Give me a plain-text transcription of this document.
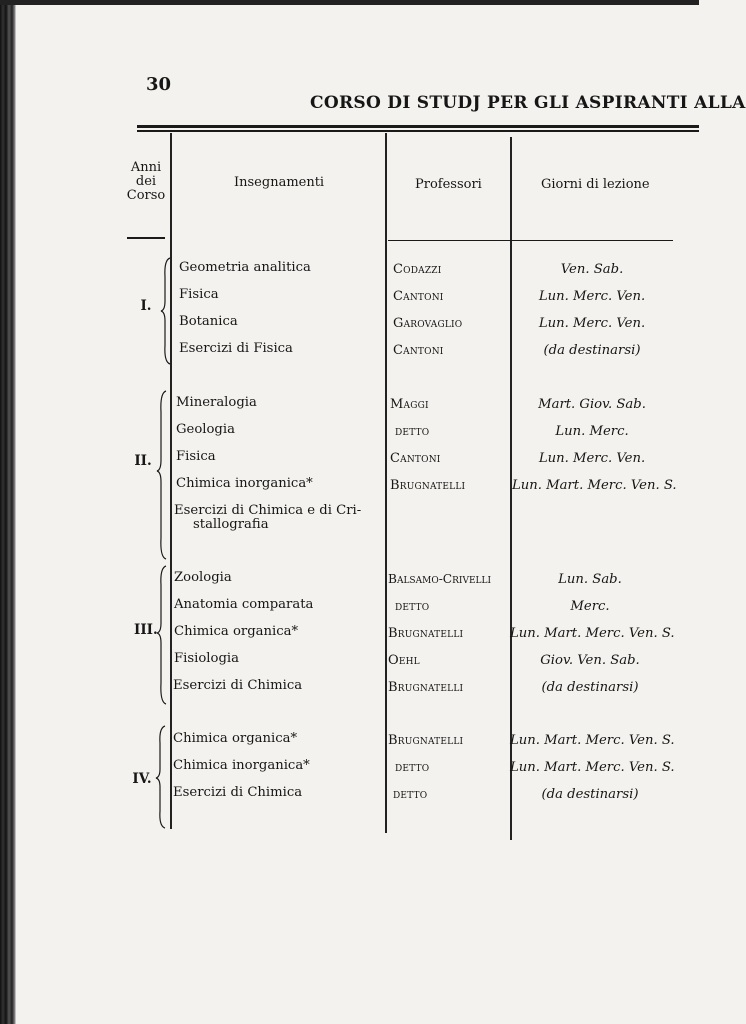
30
CORSO DI STUDJ PER GLI ASPIRANTI ALLA
Anni
dei
Corso
Insegnamenti	Professori	Giorni di lezione
I.
Geometria analitica
Fisica
Botanica
Esercizi di Fisica
Codazzi
Cantoni
Garovaglio
Cantoni
Ven. Sab.
Lun. Merc. Ven.
Lun. Merc. Ven.
(da destinarsi)
II.
Mineralogia
Geologia
Fisica
Chimica inorganica*
Esercizi di Chimica e di Cri-
stallografia
Maggi
detto
Cantoni
Brugnatelli
Mart. Giov. Sab.
Lun. Merc.
Lun. Merc. Ven.
Lun. Mart. Merc. Ven. S.
III.
Zoologia
Anatomia comparata
Chimica organica*
Fisiologia
Esercizi di Chimica
Balsamo-Crivelli
detto
Brugnatelli
Oehl
Brugnatelli
Lun. Sab.
Merc.
Lun. Mart. Merc. Ven. S.
Giov. Ven. Sab.
(da destinarsi)
IV.
Chimica organica*
Chimica inorganica*
Esercizi di Chimica
Brugnatelli
detto
detto
Lun. Mart. Merc. Ven. S.
Lun. Mart. Merc. Ven. S.
(da destinarsi)
